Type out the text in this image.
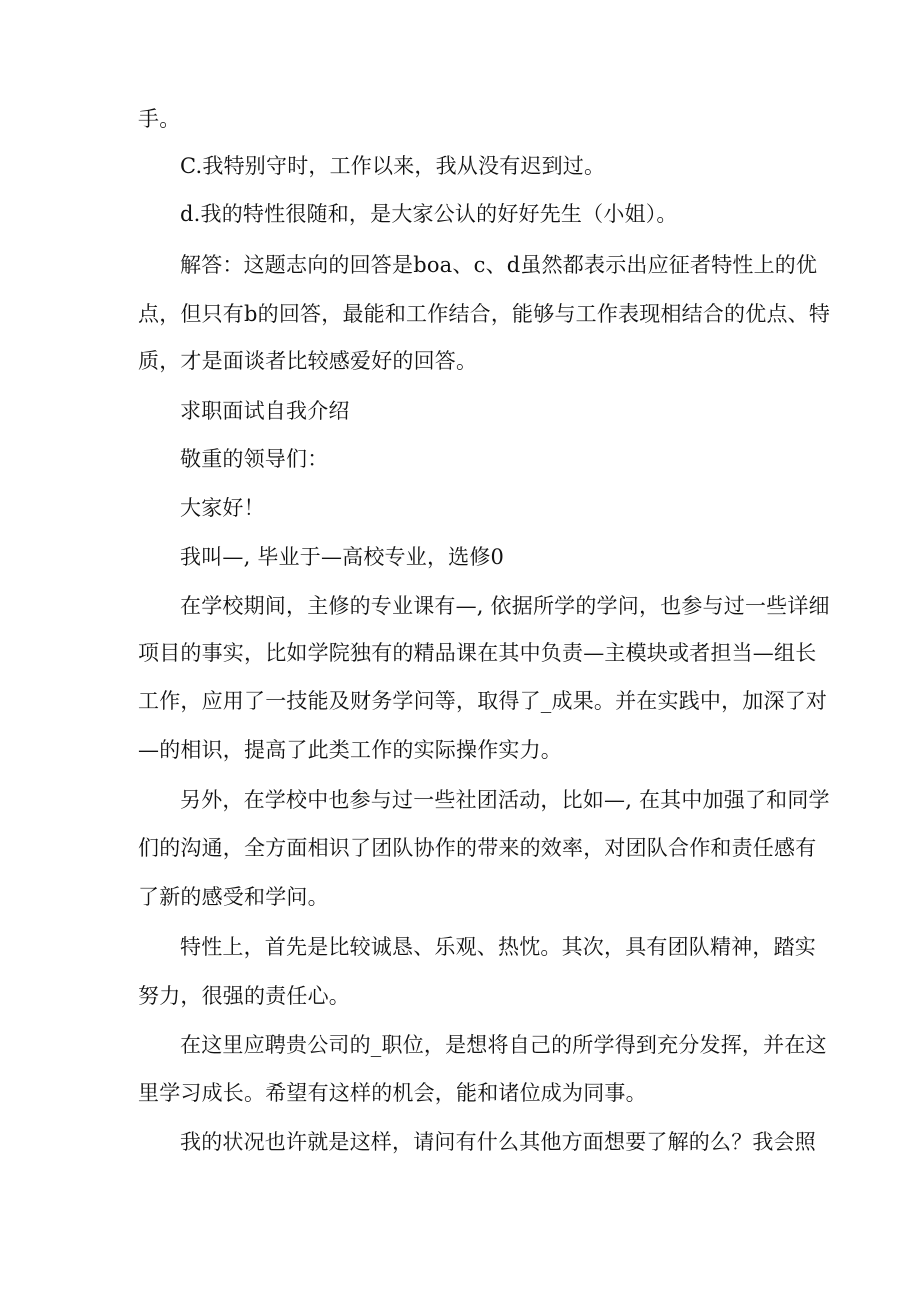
手。
C.我特别守时，工作以来，我从没有迟到过。
d.我的特性很随和，是大家公认的好好先生（小姐）。
解答：这题志向的回答是boa、c、d虽然都表示出应征者特性上的优
点，但只有b的回答，最能和工作结合，能够与工作表现相结合的优点、特
质，才是面谈者比较感爱好的回答。
求职面试自我介绍
敬重的领导们：
大家好！
我叫—, 毕业于—高校专业，选修0
在学校期间，主修的专业课有—, 依据所学的学问，也参与过一些详细
项目的事实，比如学院独有的精品课在其中负责—主模块或者担当—组长
工作，应用了一技能及财务学问等，取得了_成果。并在实践中，加深了对
—的相识，提高了此类工作的实际操作实力。
另外，在学校中也参与过一些社团活动，比如—, 在其中加强了和同学
们的沟通，全方面相识了团队协作的带来的效率，对团队合作和责任感有
了新的感受和学问。
特性上，首先是比较诚恳、乐观、热忱。其次，具有团队精神，踏实
努力，很强的责任心。
在这里应聘贵公司的_职位，是想将自己的所学得到充分发挥，并在这
里学习成长。希望有这样的机会，能和诸位成为同事。
我的状况也许就是这样，请问有什么其他方面想要了解的么？我会照
